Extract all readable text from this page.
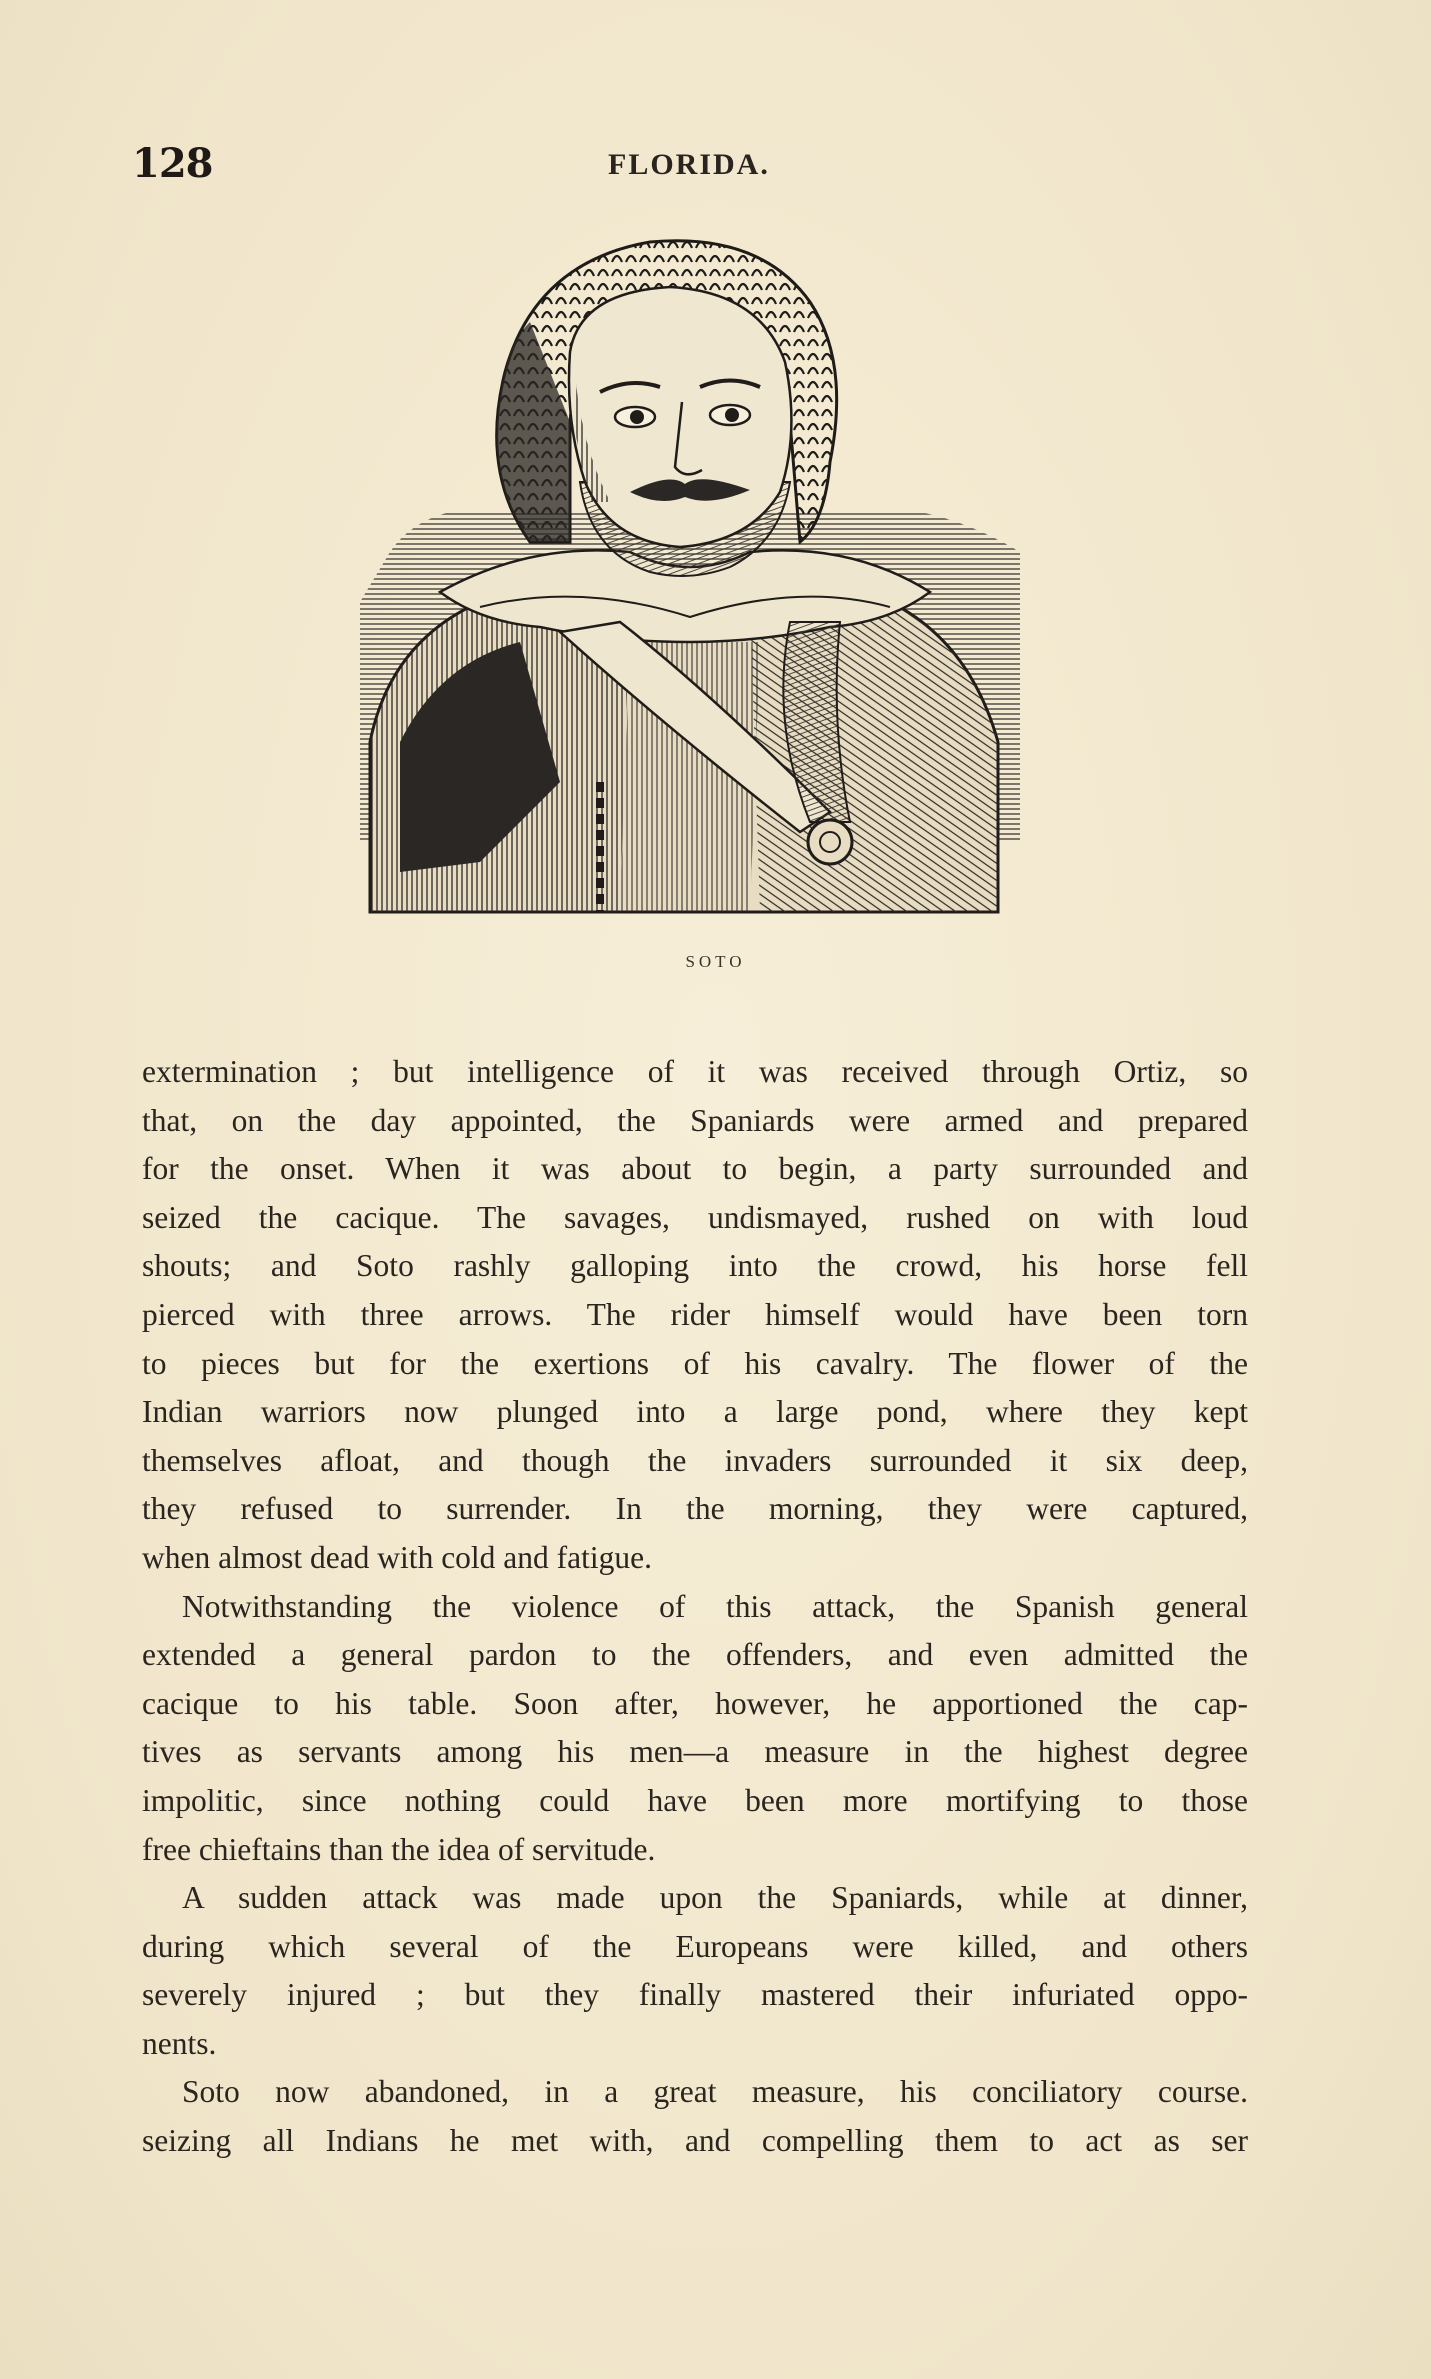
128	FLORIDA.
SOTO
extermination ; but intelligence of it was received through Ortiz, so
that, on the day appointed, the Spaniards were armed and prepared
for the onset. When it was about to begin, a party surrounded and
seized the cacique. The savages, undismayed, rushed on with loud
shouts; and Soto rashly galloping into the crowd, his horse fell
pierced with three arrows. The rider himself would have been torn
to pieces but for the exertions of his cavalry. The flower of the
Indian warriors now plunged into a large pond, where they kept
themselves afloat, and though the invaders surrounded it six deep,
they refused to surrender. In the morning, they were captured,
when almost dead with cold and fatigue.
Notwithstanding the violence of this attack, the Spanish general
extended a general pardon to the offenders, and even admitted the
cacique to his table. Soon after, however, he apportioned the cap-
tives as servants among his men—a measure in the highest degree
impolitic, since nothing could have been more mortifying to those
free chieftains than the idea of servitude.
A sudden attack was made upon the Spaniards, while at dinner,
during which several of the Europeans were killed, and others
severely injured ; but they finally mastered their infuriated oppo-
nents.
Soto now abandoned, in a great measure, his conciliatory course.
seizing all Indians he met with, and compelling them to act as ser
